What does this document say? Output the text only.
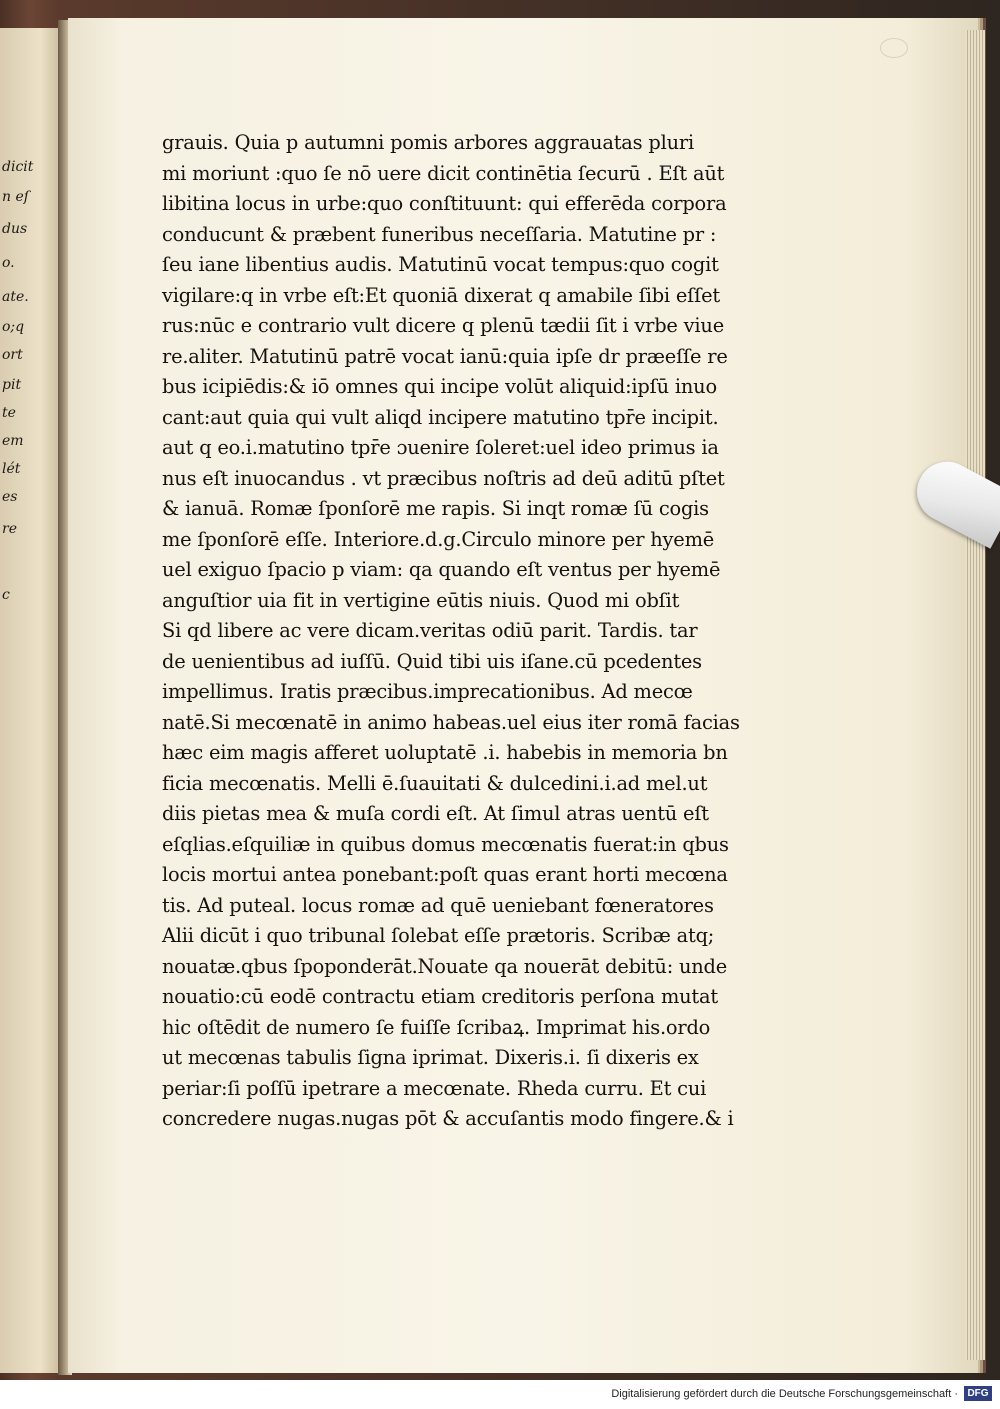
dicit
n eſ
dus
o.
ate.
o;q
ort
pit
te
em
lét
es
re
c
grauis. Quia p autumni pomis arbores aggrauatas pluri
mi moriunt :quo ſe nō uere dicit continētia ſecurū . Eſt aūt
libitina locus in urbe:quo conſtituunt: qui efferēda corpora
conducunt & præbent funeribus neceſſaria. Matutine pr :
ſeu iane libentius audis. Matutinū vocat tempus:quo cogit
vigilare:q in vrbe eſt:Et quoniā dixerat q amabile ſibi eſſet
rus:nūc e contrario vult dicere q plenū tædii ſit i vrbe viue
re.aliter. Matutinū patrē vocat ianū:quia ipſe dr præeſſe re
bus icipiēdis:& iō omnes qui incipe volūt aliquid:ipſū inuo
cant:aut quia qui vult aliqd incipere matutino tpr̄e incipit.
aut q eo.i.matutino tpr̄e ɔuenire ſoleret:uel ideo primus ia
nus eſt inuocandus . vt præcibus noſtris ad deū aditū pſtet
& ianuā. Romæ ſponſorē me rapis. Si inqt romæ ſū cogis
me ſponſorē eſſe. Interiore.d.g.Circulo minore per hyemē
uel exiguo ſpacio p viam: qa quando eſt ventus per hyemē
anguſtior uia fit in vertigine eūtis niuis. Quod mi obſit
Si qd libere ac vere dicam.veritas odiū parit. Tardis. tar
de uenientibus ad iuſſū. Quid tibi uis iſane.cū pcedentes
impellimus. Iratis præcibus.imprecationibus. Ad mecœ
natē.Si mecœnatē in animo habeas.uel eius iter romā facias
hæc eim magis afferet uoluptatē .i. habebis in memoria bn
ficia mecœnatis. Melli ē.ſuauitati & dulcedini.i.ad mel.ut
diis pietas mea & muſa cordi eſt. At ſimul atras uentū eſt
eſqlias.eſquiliæ in quibus domus mecœnatis fuerat:in qbus
locis mortui antea ponebant:poſt quas erant horti mecœna
tis. Ad puteal. locus romæ ad quē ueniebant fœneratores
Alii dicūt i quo tribunal ſolebat eſſe prætoris. Scribæ atq;
nouatæ.qbus ſpoponderāt.Nouate qa nouerāt debitū: unde
nouatio:cū eodē contractu etiam creditoris perſona mutat
hic oſtēdit de numero ſe fuiſſe ſcribaꝝ. Imprimat his.ordo
ut mecœnas tabulis ſigna iprimat. Dixeris.i. ſi dixeris ex
periar:ſi poſſū ipetrare a mecœnate. Rheda curru. Et cui
concredere nugas.nugas pōt & accuſantis modo fingere.& i
Digitalisierung gefördert durch die Deutsche Forschungsgemeinschaft · DFG
